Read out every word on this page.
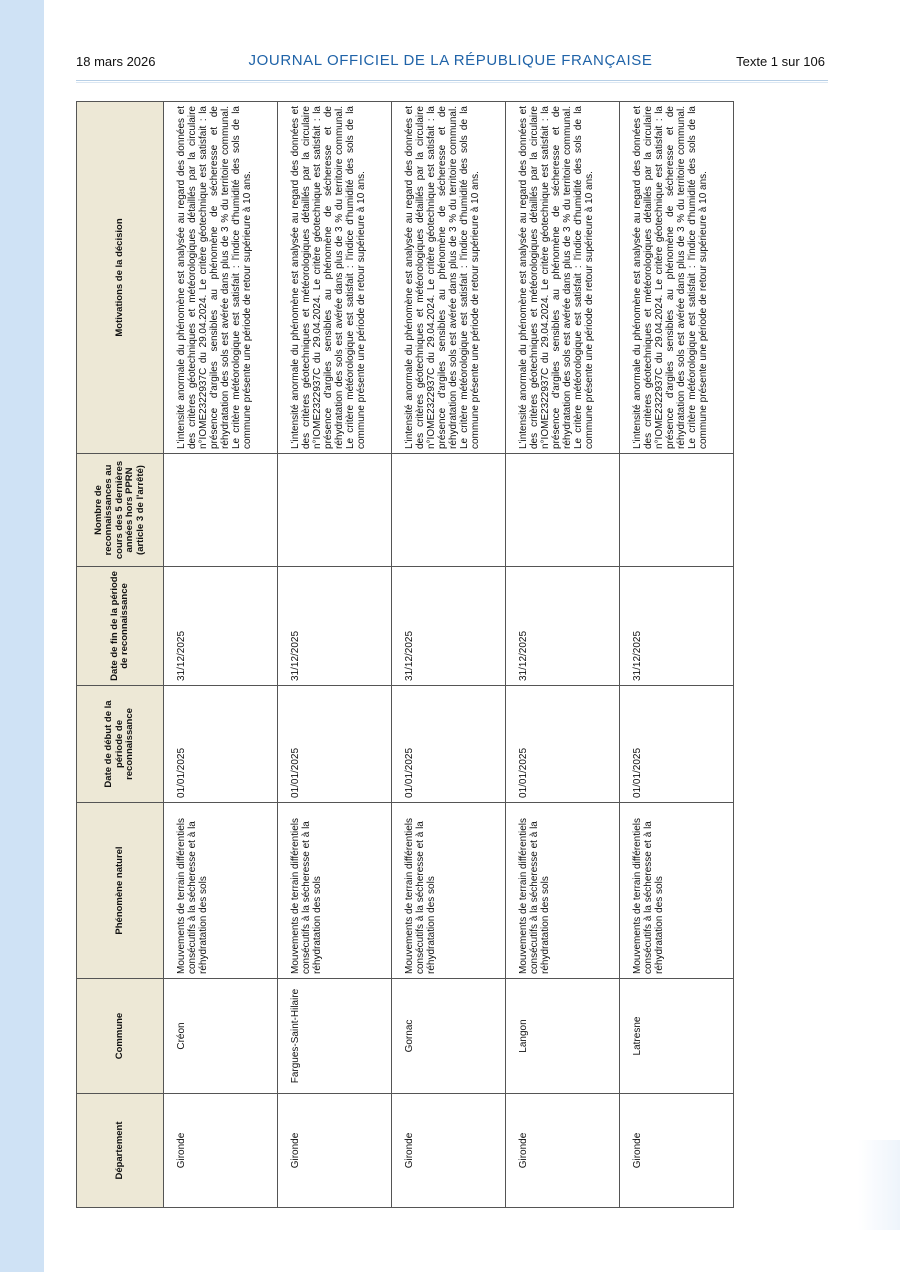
18 mars 2026	JOURNAL OFFICIEL DE LA RÉPUBLIQUE FRANÇAISE	Texte 1 sur 106
Département	Commune	Phénomène naturel	Date de début de la période de reconnaissance	Date de fin de la période de reconnaissance	Nombre de reconnaissances au cours des 5 dernières années hors PPRN (article 3 de l'arrêté)	Motivations de la décision
Gironde	Créon	Mouvements de terrain différentiels consécutifs à la sécheresse et à la réhydratation des sols	01/01/2025	31/12/2025		L'intensité anormale du phénomène est analysée au regard des données et des critères géotechniques et météorologiques détaillés par la circulaire n°IOME2322937C du 29.04.2024. Le critère géotechnique est satisfait : la présence d'argiles sensibles au phénomène de sécheresse et de réhydratation des sols est avérée dans plus de 3 % du territoire communal. Le critère météorologique est satisfait : l'indice d'humidité des sols de la commune présente une période de retour supérieure à 10 ans.
Gironde	Fargues-Saint-Hilaire	Mouvements de terrain différentiels consécutifs à la sécheresse et à la réhydratation des sols	01/01/2025	31/12/2025		L'intensité anormale du phénomène est analysée au regard des données et des critères géotechniques et météorologiques détaillés par la circulaire n°IOME2322937C du 29.04.2024. Le critère géotechnique est satisfait : la présence d'argiles sensibles au phénomène de sécheresse et de réhydratation des sols est avérée dans plus de 3 % du territoire communal. Le critère météorologique est satisfait : l'indice d'humidité des sols de la commune présente une période de retour supérieure à 10 ans.
Gironde	Gornac	Mouvements de terrain différentiels consécutifs à la sécheresse et à la réhydratation des sols	01/01/2025	31/12/2025		L'intensité anormale du phénomène est analysée au regard des données et des critères géotechniques et météorologiques détaillés par la circulaire n°IOME2322937C du 29.04.2024. Le critère géotechnique est satisfait : la présence d'argiles sensibles au phénomène de sécheresse et de réhydratation des sols est avérée dans plus de 3 % du territoire communal. Le critère météorologique est satisfait : l'indice d'humidité des sols de la commune présente une période de retour supérieure à 10 ans.
Gironde	Langon	Mouvements de terrain différentiels consécutifs à la sécheresse et à la réhydratation des sols	01/01/2025	31/12/2025		L'intensité anormale du phénomène est analysée au regard des données et des critères géotechniques et météorologiques détaillés par la circulaire n°IOME2322937C du 29.04.2024. Le critère géotechnique est satisfait : la présence d'argiles sensibles au phénomène de sécheresse et de réhydratation des sols est avérée dans plus de 3 % du territoire communal. Le critère météorologique est satisfait : l'indice d'humidité des sols de la commune présente une période de retour supérieure à 10 ans.
Gironde	Latresne	Mouvements de terrain différentiels consécutifs à la sécheresse et à la réhydratation des sols	01/01/2025	31/12/2025		L'intensité anormale du phénomène est analysée au regard des données et des critères géotechniques et météorologiques détaillés par la circulaire n°IOME2322937C du 29.04.2024. Le critère géotechnique est satisfait : la présence d'argiles sensibles au phénomène de sécheresse et de réhydratation des sols est avérée dans plus de 3 % du territoire communal. Le critère météorologique est satisfait : l'indice d'humidité des sols de la commune présente une période de retour supérieure à 10 ans.
